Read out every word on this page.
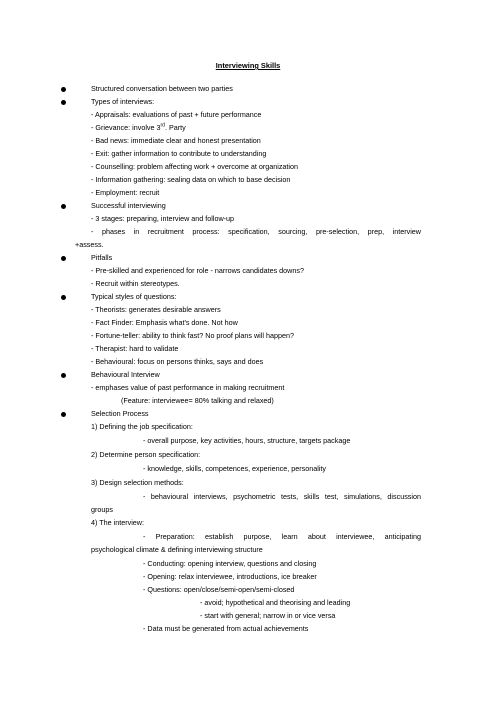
Interviewing Skills
Structured conversation between two parties
Types of interviews:
- Appraisals: evaluations of past + future performance
- Grievance: involve 3rd. Party
- Bad news: immediate clear and honest presentation
- Exit: gather information to contribute to understanding
- Counselling: problem affecting work + overcome at organization
- Information gathering: sealing data on which to base decision
- Employment: recruit
Successful interviewing
- 3 stages: preparing, interview and follow-up
- phases in recruitment process: specification, sourcing, pre-selection, prep, interview
+assess.
Pitfalls
- Pre-skilled and experienced for role - narrows candidates downs?
- Recruit within stereotypes.
Typical styles of questions:
- Theorists: generates desirable answers
- Fact Finder: Emphasis what's done. Not how
- Fortune-teller: ability to think fast? No proof plans will happen?
- Therapist: hard to validate
- Behavioural: focus on persons thinks, says and does
Behavioural Interview
- emphases value of past performance in making recruitment
(Feature: interviewee= 80% talking and relaxed)
Selection Process
1) Defining the job specification:
- overall purpose, key activities, hours, structure, targets package
2) Determine person specification:
- knowledge, skills, competences, experience, personality
3) Design selection methods:
- behavioural interviews, psychometric tests, skills test, simulations, discussion
groups
4) The interview:
- Preparation: establish purpose, learn about interviewee, anticipating
psychological climate & defining interviewing structure
- Conducting: opening interview, questions and closing
- Opening: relax interviewee, introductions, ice breaker
- Questions: open/close/semi-open/semi-closed
- avoid; hypothetical and theorising and leading
- start with general; narrow in or vice versa
- Data must be generated from actual achievements
